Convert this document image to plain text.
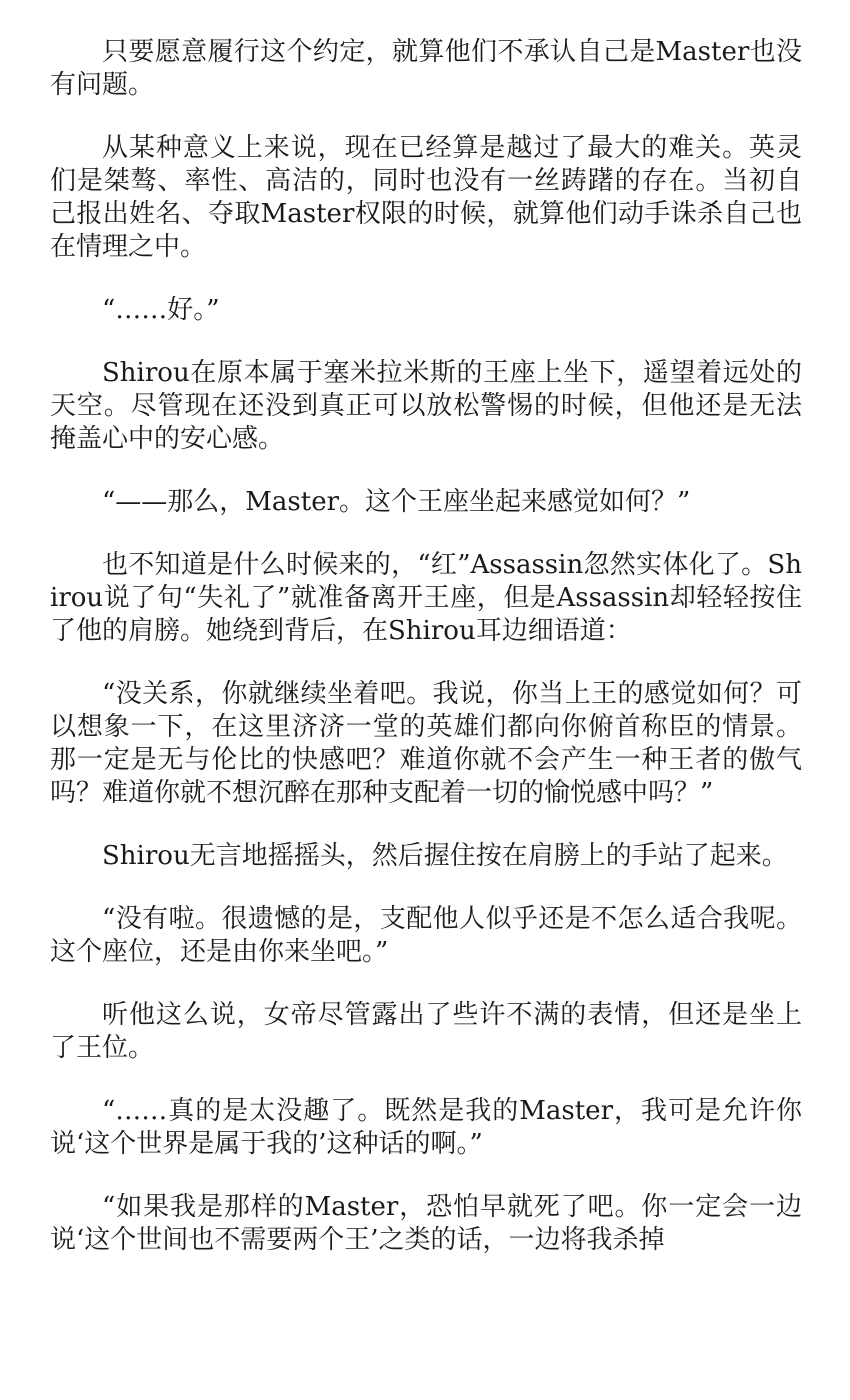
只要愿意履行这个约定，就算他们不承认自己是Master也没有问题。

从某种意义上来说，现在已经算是越过了最大的难关。英灵们是桀骜、率性、高洁的，同时也没有一丝踌躇的存在。当初自己报出姓名、夺取Master权限的时候，就算他们动手诛杀自己也在情理之中。

“……好。”

Shirou在原本属于塞米拉米斯的王座上坐下，遥望着远处的天空。尽管现在还没到真正可以放松警惕的时候，但他还是无法掩盖心中的安心感。

“——那么，Master。这个王座坐起来感觉如何？”

也不知道是什么时候来的，“红”Assassin忽然实体化了。Shirou说了句“失礼了”就准备离开王座，但是Assassin却轻轻按住了他的肩膀。她绕到背后，在Shirou耳边细语道：

“没关系，你就继续坐着吧。我说，你当上王的感觉如何？可以想象一下，在这里济济一堂的英雄们都向你俯首称臣的情景。那一定是无与伦比的快感吧？难道你就不会产生一种王者的傲气吗？难道你就不想沉醉在那种支配着一切的愉悦感中吗？”

Shirou无言地摇摇头，然后握住按在肩膀上的手站了起来。

“没有啦。很遗憾的是，支配他人似乎还是不怎么适合我呢。这个座位，还是由你来坐吧。”

听他这么说，女帝尽管露出了些许不满的表情，但还是坐上了王位。

“……真的是太没趣了。既然是我的Master，我可是允许你说‘这个世界是属于我的’这种话的啊。”

“如果我是那样的Master，恐怕早就死了吧。你一定会一边说‘这个世间也不需要两个王’之类的话，一边将我杀掉
